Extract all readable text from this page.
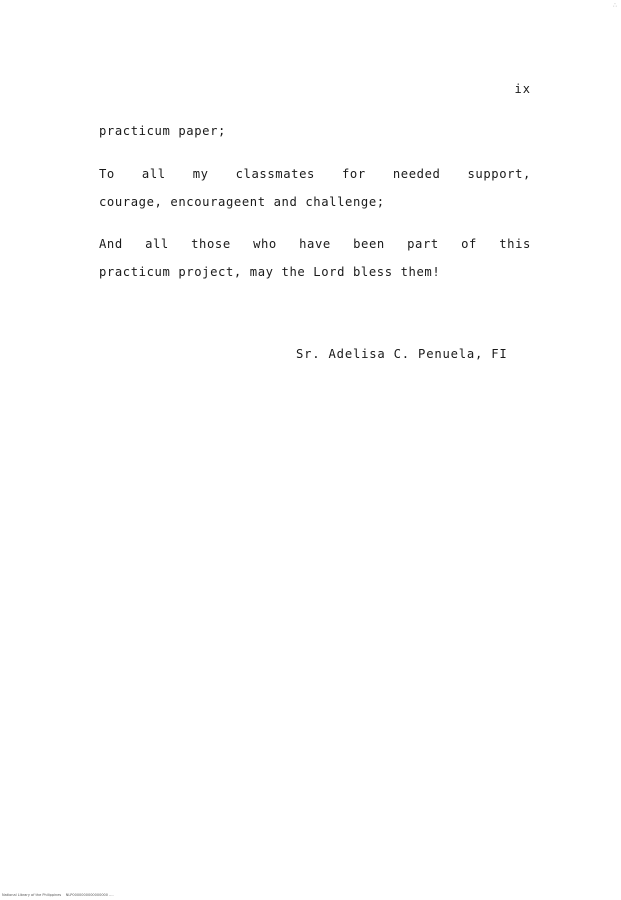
∴
ix
practicum paper;
To all my classmates for needed support,
courage, encourageent and challenge;
And all those who have been part of this
practicum project, may the Lord bless them!
Sr. Adelisa C. Penuela, FI
National Library of the Philippines    NLP0000000000000000 ....
